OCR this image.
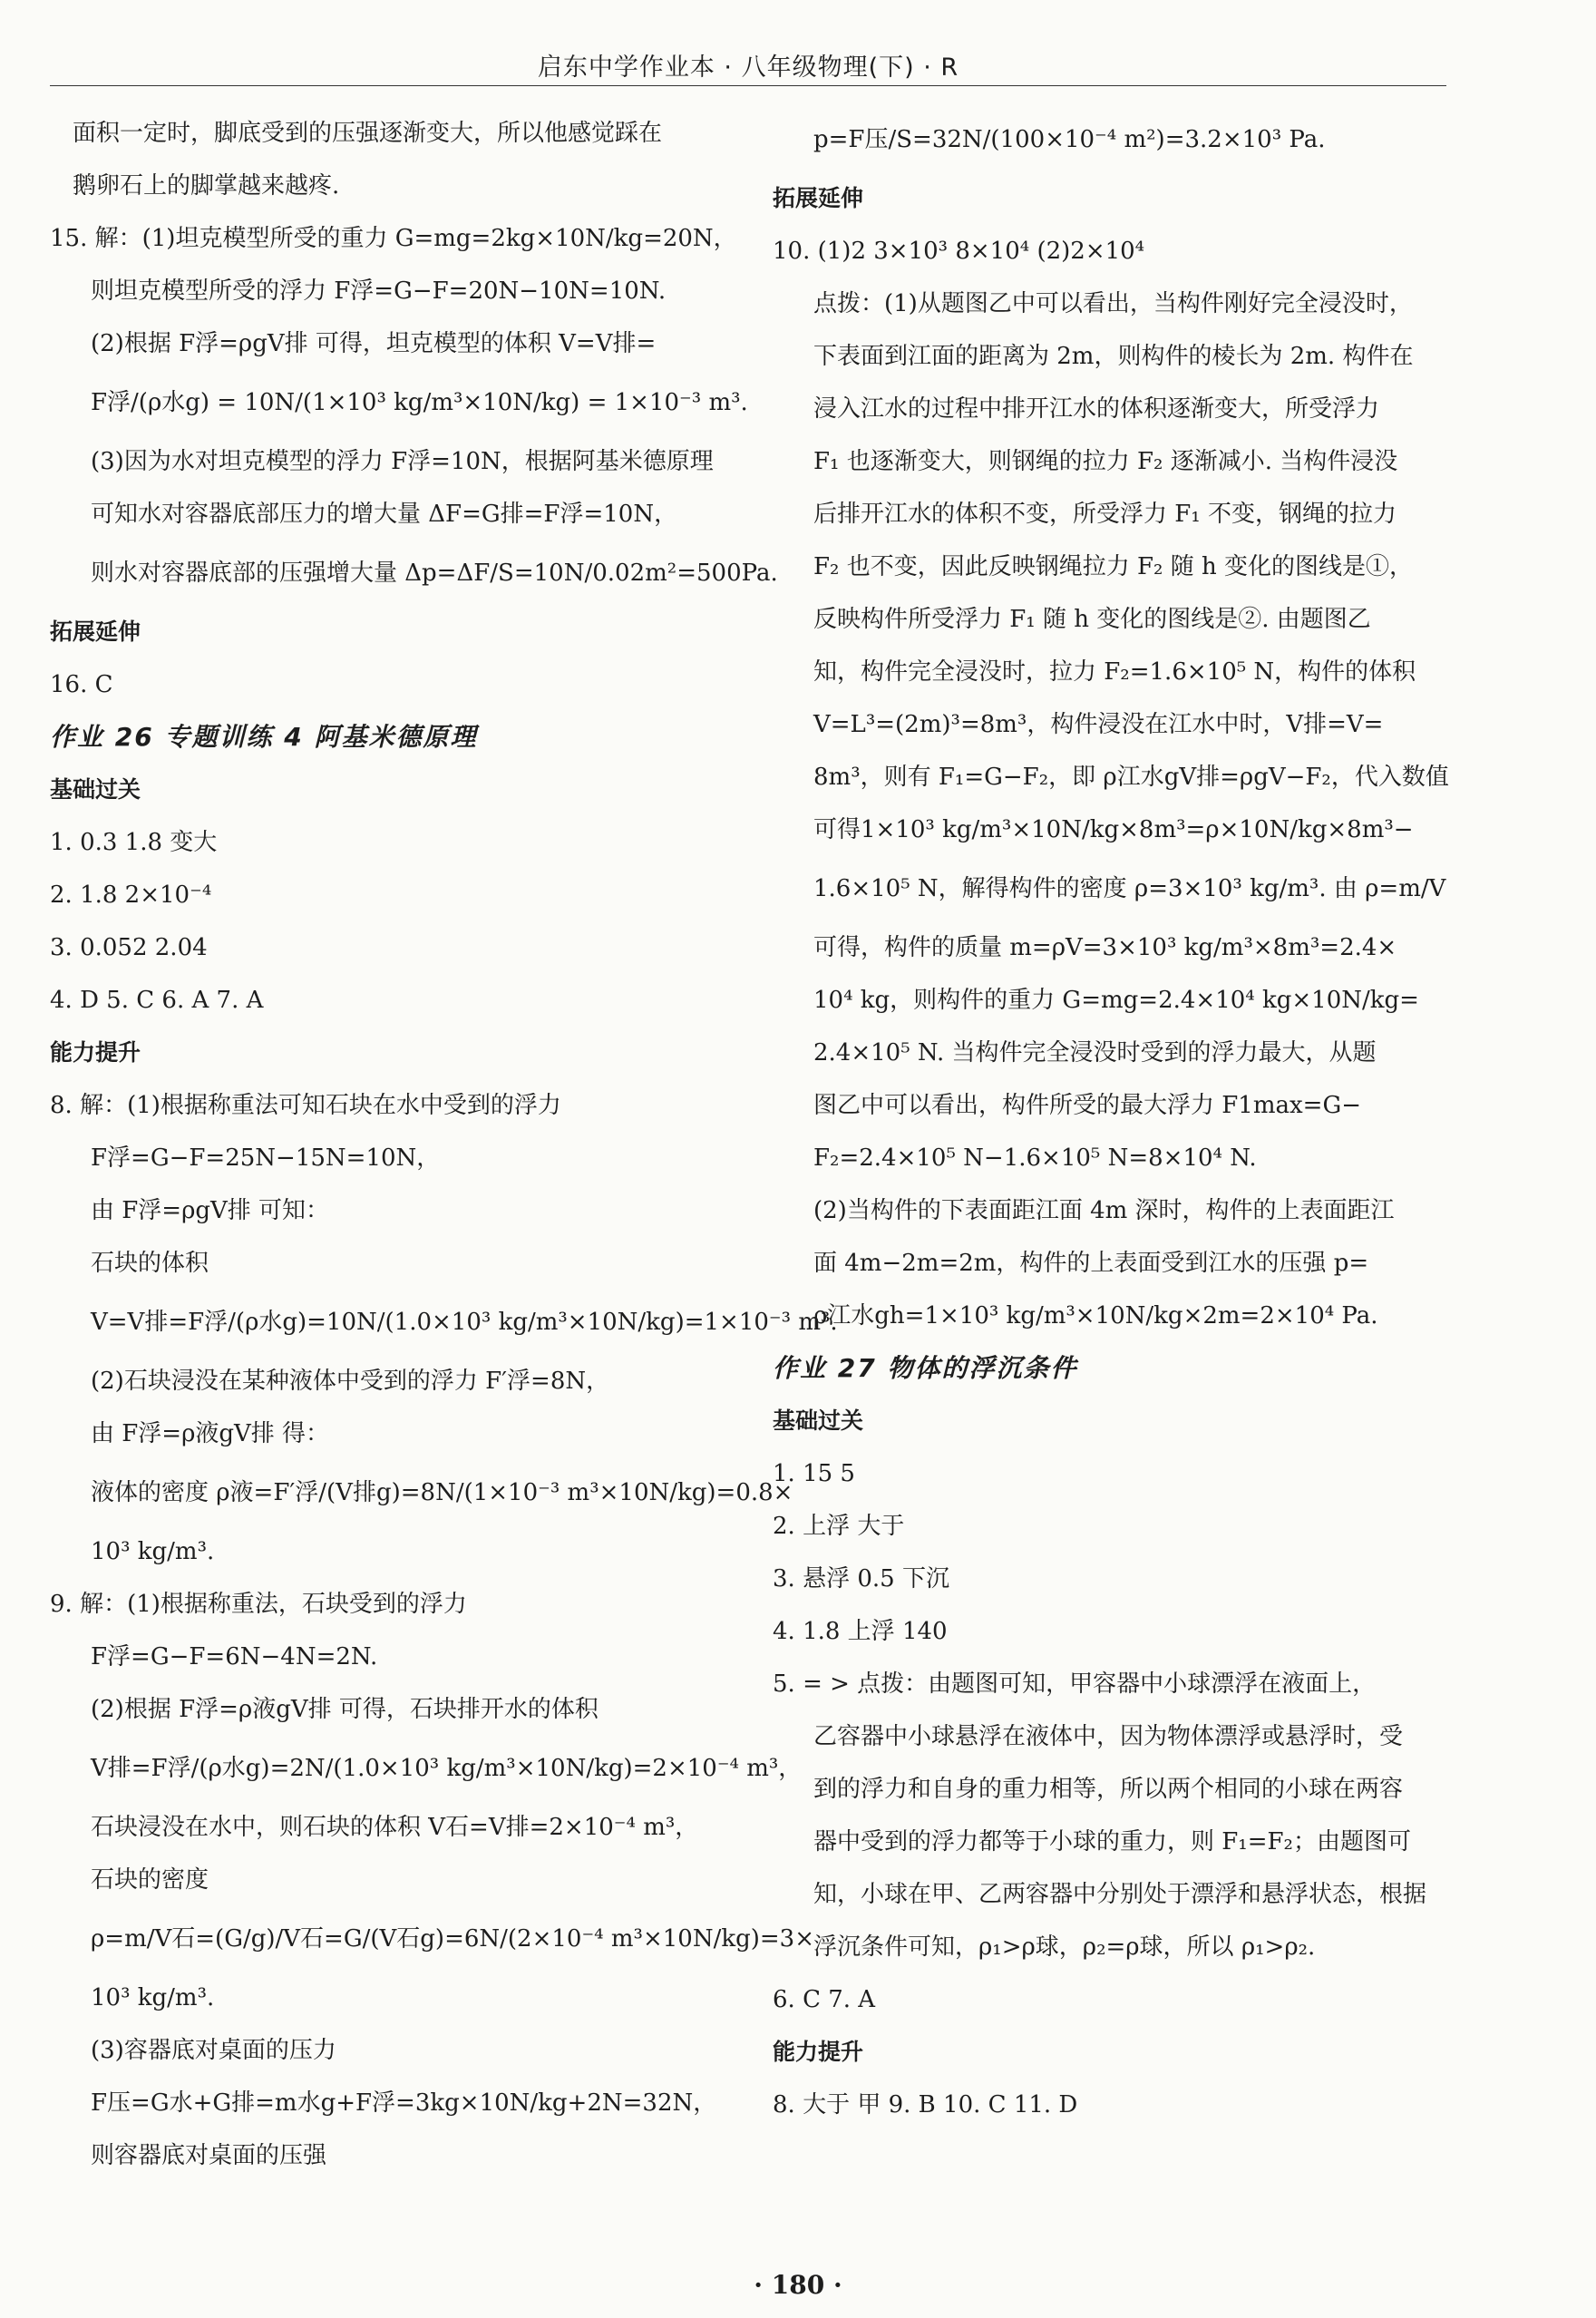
启东中学作业本 · 八年级物理(下) · R

面积一定时，脚底受到的压强逐渐变大，所以他感觉踩在

鹅卵石上的脚掌越来越疼.

15. 解：(1)坦克模型所受的重力 G=mg=2kg×10N/kg=20N，

则坦克模型所受的浮力 F浮=G−F=20N−10N=10N.

(2)根据 F浮=ρgV排 可得，坦克模型的体积 V=V排=

F浮/(ρ水g) = 10N/(1×10³ kg/m³×10N/kg) = 1×10⁻³ m³.

(3)因为水对坦克模型的浮力 F浮=10N，根据阿基米德原理

可知水对容器底部压力的增大量 ΔF=G排=F浮=10N，

则水对容器底部的压强增大量 Δp=ΔF/S=10N/0.02m²=500Pa.

拓展延伸

16. C

作业 26 专题训练 4 阿基米德原理

基础过关

1. 0.3 1.8 变大

2. 1.8 2×10⁻⁴

3. 0.052 2.04

4. D 5. C 6. A 7. A

能力提升

8. 解：(1)根据称重法可知石块在水中受到的浮力

F浮=G−F=25N−15N=10N，

由 F浮=ρgV排 可知：

石块的体积

V=V排=F浮/(ρ水g)=10N/(1.0×10³ kg/m³×10N/kg)=1×10⁻³ m³.

(2)石块浸没在某种液体中受到的浮力 F′浮=8N，

由 F浮=ρ液gV排 得：

液体的密度 ρ液=F′浮/(V排g)=8N/(1×10⁻³ m³×10N/kg)=0.8×

10³ kg/m³.

9. 解：(1)根据称重法，石块受到的浮力

F浮=G−F=6N−4N=2N.

(2)根据 F浮=ρ液gV排 可得，石块排开水的体积

V排=F浮/(ρ水g)=2N/(1.0×10³ kg/m³×10N/kg)=2×10⁻⁴ m³，

石块浸没在水中，则石块的体积 V石=V排=2×10⁻⁴ m³，

石块的密度

ρ=m/V石=(G/g)/V石=G/(V石g)=6N/(2×10⁻⁴ m³×10N/kg)=3×

10³ kg/m³.

(3)容器底对桌面的压力

F压=G水+G排=m水g+F浮=3kg×10N/kg+2N=32N，

则容器底对桌面的压强

p=F压/S=32N/(100×10⁻⁴ m²)=3.2×10³ Pa.

拓展延伸

10. (1)2 3×10³ 8×10⁴ (2)2×10⁴

点拨：(1)从题图乙中可以看出，当构件刚好完全浸没时，

下表面到江面的距离为 2m，则构件的棱长为 2m. 构件在

浸入江水的过程中排开江水的体积逐渐变大，所受浮力

F₁ 也逐渐变大，则钢绳的拉力 F₂ 逐渐减小. 当构件浸没

后排开江水的体积不变，所受浮力 F₁ 不变，钢绳的拉力

F₂ 也不变，因此反映钢绳拉力 F₂ 随 h 变化的图线是①，

反映构件所受浮力 F₁ 随 h 变化的图线是②. 由题图乙

知，构件完全浸没时，拉力 F₂=1.6×10⁵ N，构件的体积

V=L³=(2m)³=8m³，构件浸没在江水中时，V排=V=

8m³，则有 F₁=G−F₂，即 ρ江水gV排=ρgV−F₂，代入数值

可得1×10³ kg/m³×10N/kg×8m³=ρ×10N/kg×8m³−

1.6×10⁵ N，解得构件的密度 ρ=3×10³ kg/m³. 由 ρ=m/V

可得，构件的质量 m=ρV=3×10³ kg/m³×8m³=2.4×

10⁴ kg，则构件的重力 G=mg=2.4×10⁴ kg×10N/kg=

2.4×10⁵ N. 当构件完全浸没时受到的浮力最大，从题

图乙中可以看出，构件所受的最大浮力 F1max=G−

F₂=2.4×10⁵ N−1.6×10⁵ N=8×10⁴ N.

(2)当构件的下表面距江面 4m 深时，构件的上表面距江

面 4m−2m=2m，构件的上表面受到江水的压强 p=

ρ江水gh=1×10³ kg/m³×10N/kg×2m=2×10⁴ Pa.

作业 27 物体的浮沉条件

基础过关

1. 15 5

2. 上浮 大于

3. 悬浮 0.5 下沉

4. 1.8 上浮 140

5. = > 点拨：由题图可知，甲容器中小球漂浮在液面上，

乙容器中小球悬浮在液体中，因为物体漂浮或悬浮时，受

到的浮力和自身的重力相等，所以两个相同的小球在两容

器中受到的浮力都等于小球的重力，则 F₁=F₂；由题图可

知，小球在甲、乙两容器中分别处于漂浮和悬浮状态，根据

浮沉条件可知，ρ₁>ρ球，ρ₂=ρ球，所以 ρ₁>ρ₂.

6. C 7. A

能力提升

8. 大于 甲 9. B 10. C 11. D

· 180 ·
